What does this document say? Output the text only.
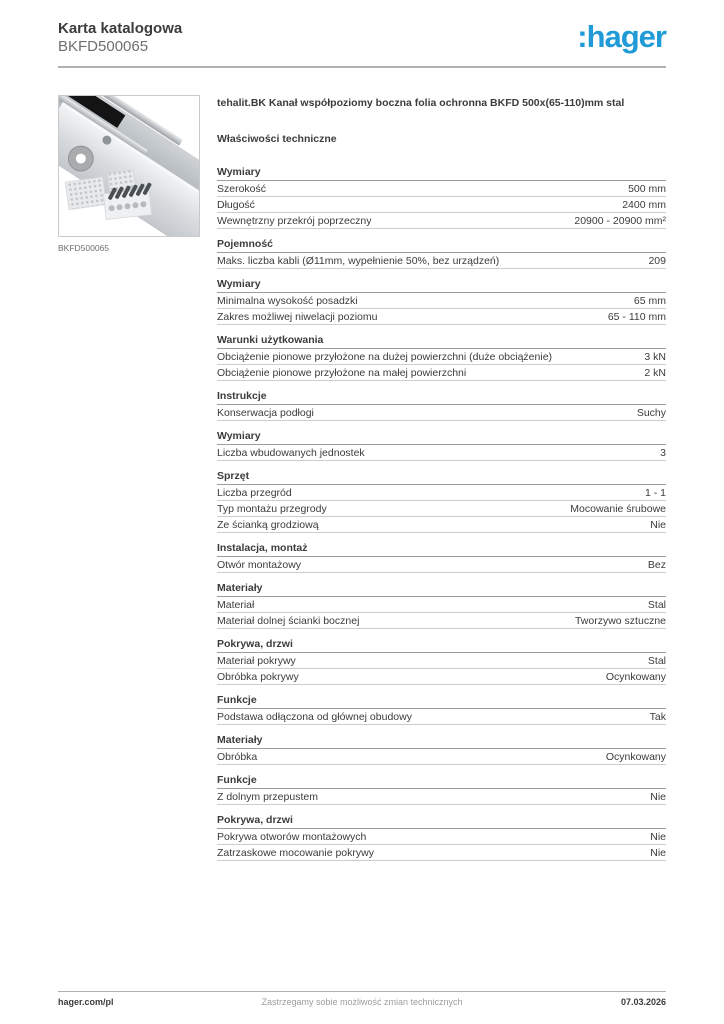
Karta katalogowa
BKFD500065	:hager
BKFD500065
tehalit.BK Kanał współpoziomy boczna folia ochronna BKFD 500x(65-110)mm stal
Właściwości techniczne
Wymiary
Szerokość	500 mm
Długość	2400 mm
Wewnętrzny przekrój poprzeczny	20900 - 20900 mm²
Pojemność
Maks. liczba kabli (Ø11mm, wypełnienie 50%, bez urządzeń)	209
Wymiary
Minimalna wysokość posadzki	65 mm
Zakres możliwej niwelacji poziomu	65 - 110 mm
Warunki użytkowania
Obciążenie pionowe przyłożone na dużej powierzchni (duże obciążenie)	3 kN
Obciążenie pionowe przyłożone na małej powierzchni	2 kN
Instrukcje
Konserwacja podłogi	Suchy
Wymiary
Liczba wbudowanych jednostek	3
Sprzęt
Liczba przegród	1 - 1
Typ montażu przegrody	Mocowanie śrubowe
Ze ścianką grodziową	Nie
Instalacja, montaż
Otwór montażowy	Bez
Materiały
Materiał	Stal
Materiał dolnej ścianki bocznej	Tworzywo sztuczne
Pokrywa, drzwi
Materiał pokrywy	Stal
Obróbka pokrywy	Ocynkowany
Funkcje
Podstawa odłączona od głównej obudowy	Tak
Materiały
Obróbka	Ocynkowany
Funkcje
Z dolnym przepustem	Nie
Pokrywa, drzwi
Pokrywa otworów montażowych	Nie
Zatrzaskowe mocowanie pokrywy	Nie
hager.com/pl	Zastrzegamy sobie możliwość zmian technicznych	07.03.2026
